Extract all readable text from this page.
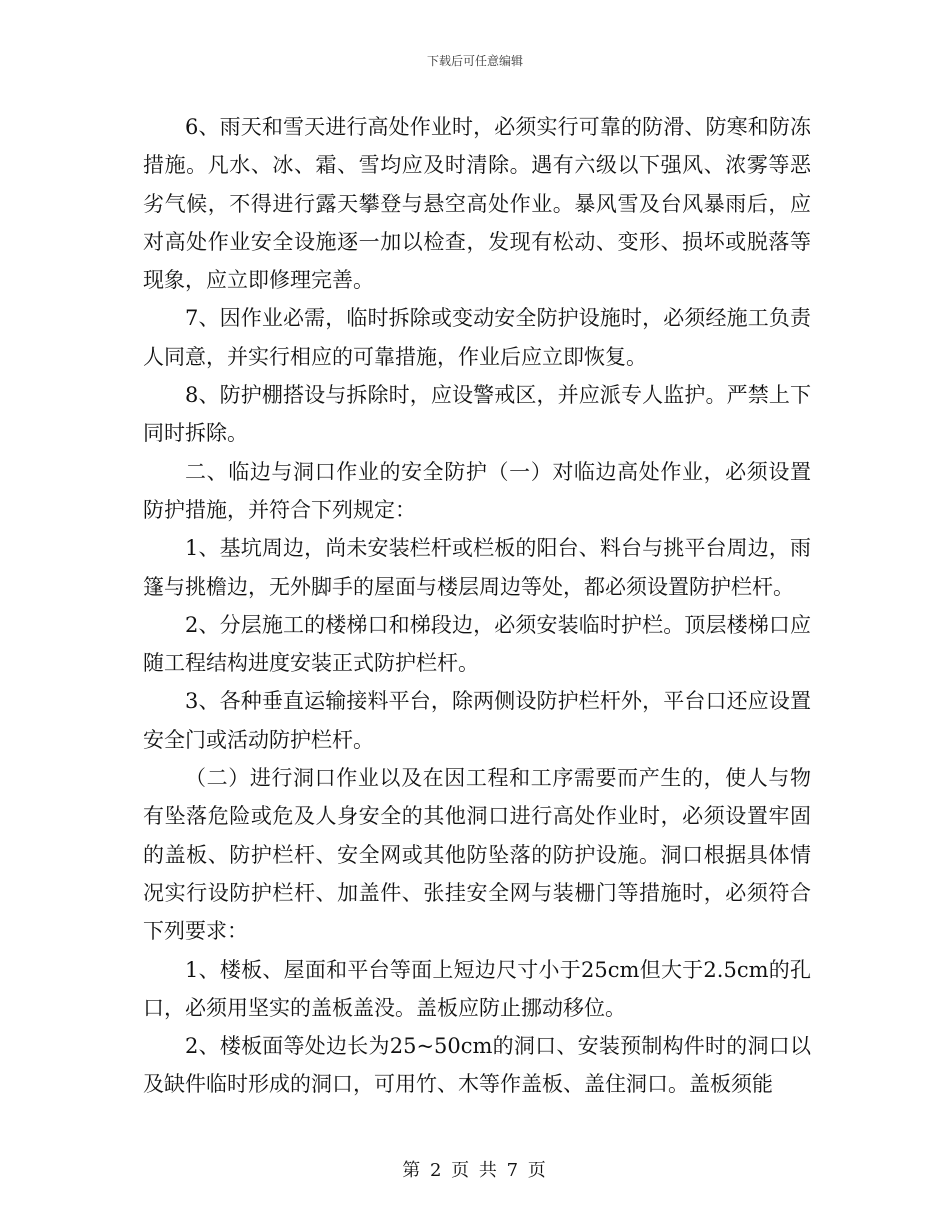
下载后可任意编辑

6、雨天和雪天进行高处作业时，必须实行可靠的防滑、防寒和防冻措施。凡水、冰、霜、雪均应及时清除。遇有六级以下强风、浓雾等恶劣气候，不得进行露天攀登与悬空高处作业。暴风雪及台风暴雨后，应对高处作业安全设施逐一加以检查，发现有松动、变形、损坏或脱落等现象，应立即修理完善。

7、因作业必需，临时拆除或变动安全防护设施时，必须经施工负责人同意，并实行相应的可靠措施，作业后应立即恢复。

8、防护棚搭设与拆除时，应设警戒区，并应派专人监护。严禁上下同时拆除。

二、临边与洞口作业的安全防护（一）对临边高处作业，必须设置防护措施，并符合下列规定：

1、基坑周边，尚未安装栏杆或栏板的阳台、料台与挑平台周边，雨篷与挑檐边，无外脚手的屋面与楼层周边等处，都必须设置防护栏杆。

2、分层施工的楼梯口和梯段边，必须安装临时护栏。顶层楼梯口应随工程结构进度安装正式防护栏杆。

3、各种垂直运输接料平台，除两侧设防护栏杆外，平台口还应设置安全门或活动防护栏杆。

（二）进行洞口作业以及在因工程和工序需要而产生的，使人与物有坠落危险或危及人身安全的其他洞口进行高处作业时，必须设置牢固的盖板、防护栏杆、安全网或其他防坠落的防护设施。洞口根据具体情况实行设防护栏杆、加盖件、张挂安全网与装栅门等措施时，必须符合下列要求：

1、楼板、屋面和平台等面上短边尺寸小于25cm但大于2.5cm的孔口，必须用坚实的盖板盖没。盖板应防止挪动移位。

2、楼板面等处边长为25~50cm的洞口、安装预制构件时的洞口以及缺件临时形成的洞口，可用竹、木等作盖板、盖住洞口。盖板须能

第 2 页 共 7 页
